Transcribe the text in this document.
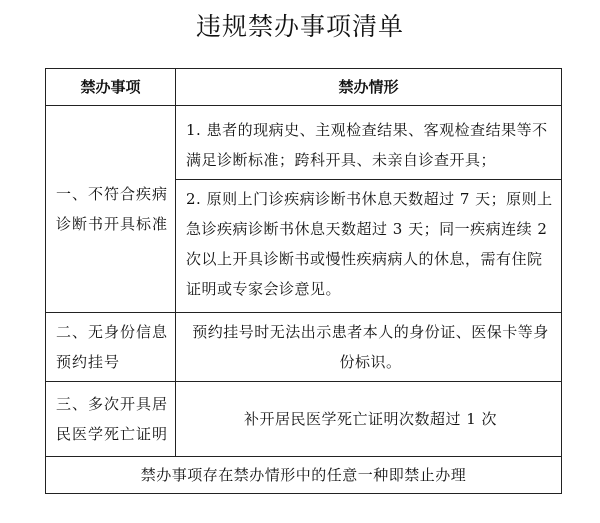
违规禁办事项清单
禁办事项	禁办情形
一、不符合疾病诊断书开具标准	1. 患者的现病史、主观检查结果、客观检查结果等不满足诊断标准；跨科开具、未亲自诊查开具；
2. 原则上门诊疾病诊断书休息天数超过 7 天；原则上急诊疾病诊断书休息天数超过 3 天；同一疾病连续 2 次以上开具诊断书或慢性疾病病人的休息，需有住院证明或专家会诊意见。

二、无身份信息预约挂号	预约挂号时无法出示患者本人的身份证、医保卡等身份标识。

三、多次开具居民医学死亡证明	补开居民医学死亡证明次数超过 1 次

禁办事项存在禁办情形中的任意一种即禁止办理	
